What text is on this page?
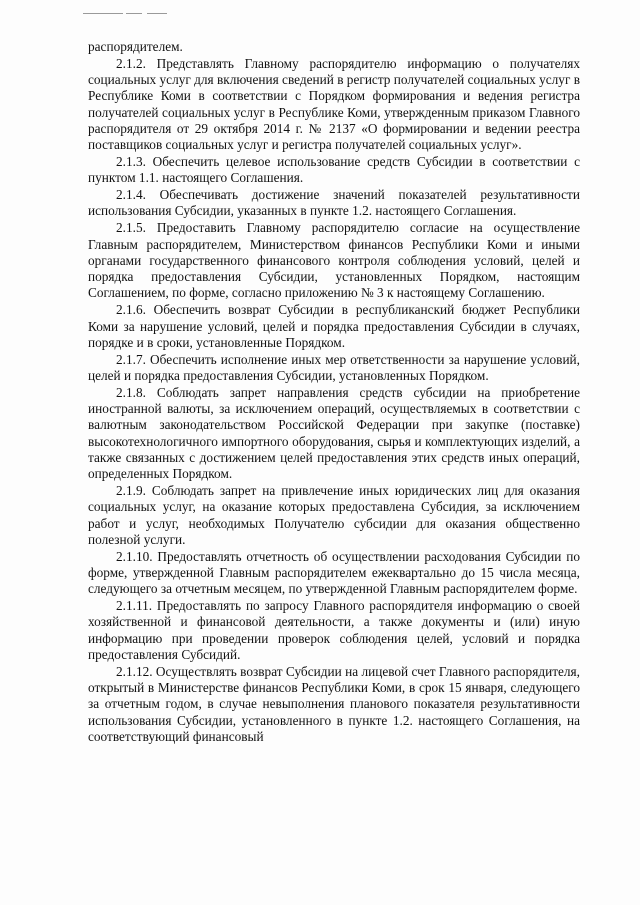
распорядителем.

2.1.2. Представлять Главному распорядителю информацию о получателях социальных услуг для включения сведений в регистр получателей социальных услуг в Республике Коми в соответствии с Порядком формирования и ведения регистра получателей социальных услуг в Республике Коми, утвержденным приказом Главного распорядителя от 29 октября 2014 г. № 2137 «О формировании и ведении реестра поставщиков социальных услуг и регистра получателей социальных услуг».

2.1.3. Обеспечить целевое использование средств Субсидии в соответствии с пунктом 1.1. настоящего Соглашения.

2.1.4. Обеспечивать достижение значений показателей результативности использования Субсидии, указанных в пункте 1.2. настоящего Соглашения.

2.1.5. Предоставить Главному распорядителю согласие на осуществление Главным распорядителем, Министерством финансов Республики Коми и иными органами государственного финансового контроля соблюдения условий, целей и порядка предоставления Субсидии, установленных Порядком, настоящим Соглашением, по форме, согласно приложению № 3 к настоящему Соглашению.

2.1.6. Обеспечить возврат Субсидии в республиканский бюджет Республики Коми за нарушение условий, целей и порядка предоставления Субсидии в случаях, порядке и в сроки, установленные Порядком.

2.1.7. Обеспечить исполнение иных мер ответственности за нарушение условий, целей и порядка предоставления Субсидии, установленных Порядком.

2.1.8. Соблюдать запрет направления средств субсидии на приобретение иностранной валюты, за исключением операций, осуществляемых в соответствии с валютным законодательством Российской Федерации при закупке (поставке) высокотехнологичного импортного оборудования, сырья и комплектующих изделий, а также связанных с достижением целей предоставления этих средств иных операций, определенных Порядком.

2.1.9. Соблюдать запрет на привлечение иных юридических лиц для оказания социальных услуг, на оказание которых предоставлена Субсидия, за исключением работ и услуг, необходимых Получателю субсидии для оказания общественно полезной услуги.

2.1.10. Предоставлять отчетность об осуществлении расходования Субсидии по форме, утвержденной Главным распорядителем ежеквартально до 15 числа месяца, следующего за отчетным месяцем, по утвержденной Главным распорядителем форме.

2.1.11. Предоставлять по запросу Главного распорядителя информацию о своей хозяйственной и финансовой деятельности, а также документы и (или) иную информацию при проведении проверок соблюдения целей, условий и порядка предоставления Субсидий.

2.1.12. Осуществлять возврат Субсидии на лицевой счет Главного распорядителя, открытый в Министерстве финансов Республики Коми, в срок 15 января, следующего за отчетным годом, в случае невыполнения планового показателя результативности использования Субсидии, установленного в пункте 1.2. настоящего Соглашения, на соответствующий финансовый
